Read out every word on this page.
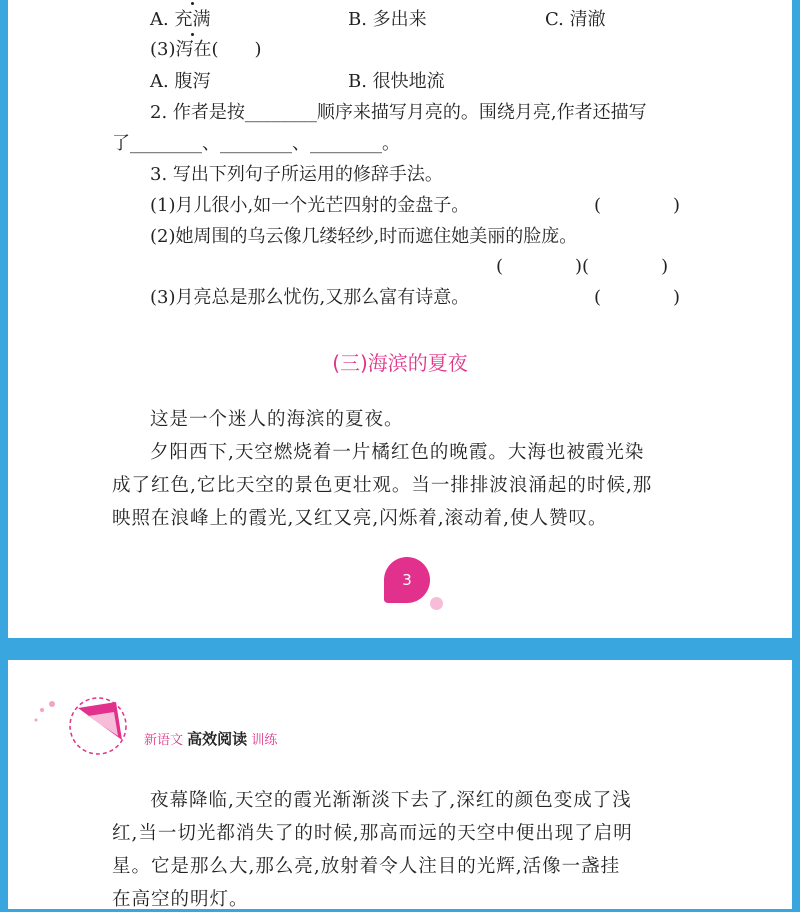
A. 充满	B. 多出来	C. 清澈
(3)泻在(　　)
A. 腹泻	B. 很快地流
2. 作者是按________顺序来描写月亮的。围绕月亮,作者还描写
了________、________、________。
3. 写出下列句子所运用的修辞手法。
(1)月儿很小,如一个光芒四射的金盘子。	(　　　　)
(2)她周围的乌云像几缕轻纱,时而遮住她美丽的脸庞。
(　　　　)(　　　　)
(3)月亮总是那么忧伤,又那么富有诗意。	(　　　　)
(三)海滨的夏夜
这是一个迷人的海滨的夏夜。
夕阳西下,天空燃烧着一片橘红色的晚霞。大海也被霞光染
成了红色,它比天空的景色更壮观。当一排排波浪涌起的时候,那
映照在浪峰上的霞光,又红又亮,闪烁着,滚动着,使人赞叹。
3
新语文 高效阅读 训练
夜幕降临,天空的霞光渐渐淡下去了,深红的颜色变成了浅
红,当一切光都消失了的时候,那高而远的天空中便出现了启明
星。它是那么大,那么亮,放射着令人注目的光辉,活像一盏挂
在高空的明灯。
